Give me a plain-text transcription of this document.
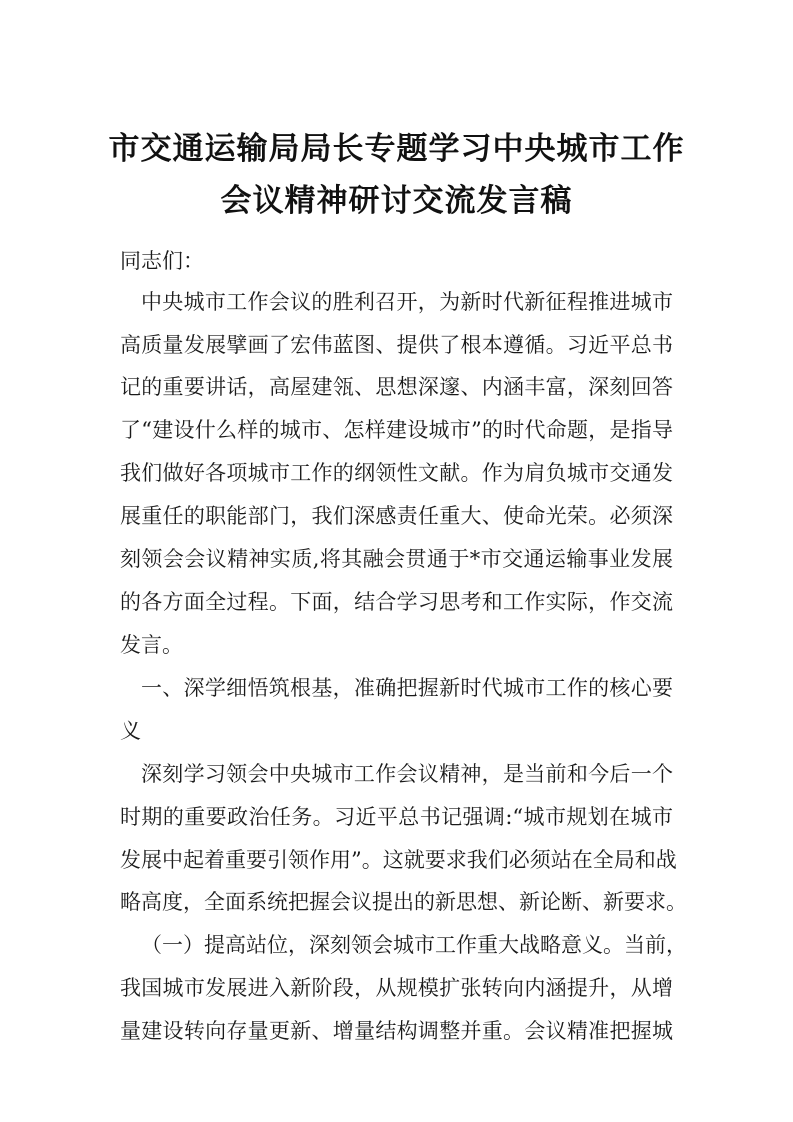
市交通运输局局长专题学习中央城市工作
会议精神研讨交流发言稿
同志们：
中央城市工作会议的胜利召开，为新时代新征程推进城市
高质量发展擘画了宏伟蓝图、提供了根本遵循。习近平总书
记的重要讲话，高屋建瓴、思想深邃、内涵丰富，深刻回答
了“建设什么样的城市、怎样建设城市”的时代命题，是指导
我们做好各项城市工作的纲领性文献。作为肩负城市交通发
展重任的职能部门，我们深感责任重大、使命光荣。必须深
刻领会会议精神实质,将其融会贯通于*市交通运输事业发展
的各方面全过程。下面，结合学习思考和工作实际，作交流
发言。
一、深学细悟筑根基，准确把握新时代城市工作的核心要
义
深刻学习领会中央城市工作会议精神，是当前和今后一个
时期的重要政治任务。习近平总书记强调:“城市规划在城市
发展中起着重要引领作用”。这就要求我们必须站在全局和战
略高度，全面系统把握会议提出的新思想、新论断、新要求。
（一）提高站位，深刻领会城市工作重大战略意义。当前，
我国城市发展进入新阶段，从规模扩张转向内涵提升，从增
量建设转向存量更新、增量结构调整并重。会议精准把握城
